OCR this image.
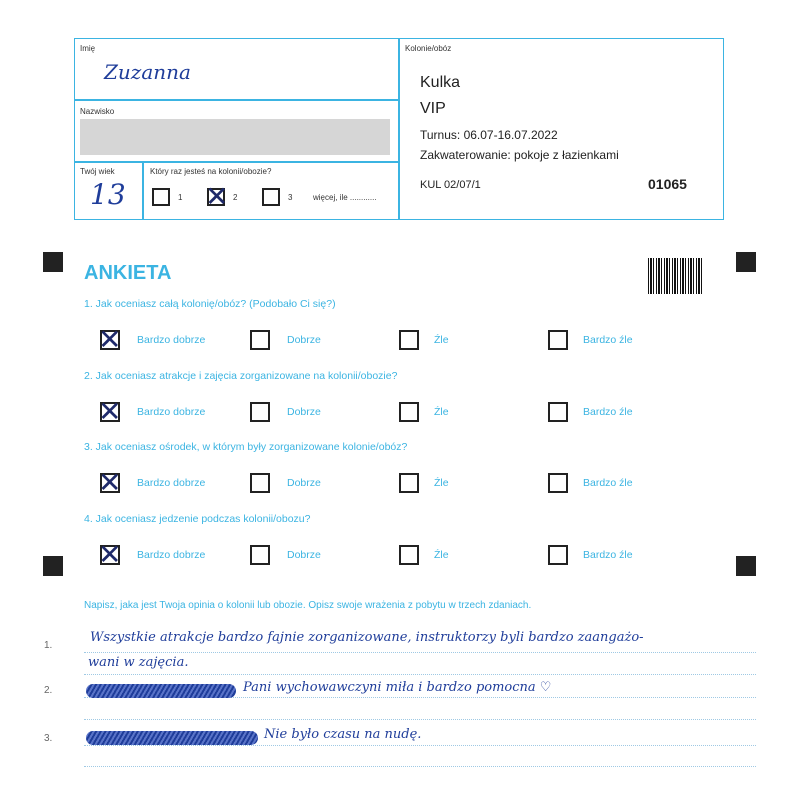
Imię
Zuzanna
Nazwisko
Twój wiek
13
Który raz jesteś na kolonii/obozie?
1 ✕ 2	3	więcej, ile ............
Kolonie/obóz
Kulka
VIP
Turnus: 06.07-16.07.2022
Zakwaterowanie: pokoje z łazienkami
KUL 02/07/1	01065
ANKIETA
1. Jak oceniasz całą kolonię/obóz? (Podobało Ci się?)
✕ Bardzo dobrze	Dobrze	Źle	Bardzo źle
2. Jak oceniasz atrakcje i zajęcia zorganizowane na kolonii/obozie?
✕ Bardzo dobrze	Dobrze	Źle	Bardzo źle
3. Jak oceniasz ośrodek, w którym były zorganizowane kolonie/obóz?
✕ Bardzo dobrze	Dobrze	Źle	Bardzo źle
4. Jak oceniasz jedzenie podczas kolonii/obozu?
✕ Bardzo dobrze	Dobrze	Źle	Bardzo źle
Napisz, jaka jest Twoja opinia o kolonii lub obozie. Opisz swoje wrażenia z pobytu w trzech zdaniach.
1.
2.
3.
Wszystkie atrakcje bardzo fajnie zorganizowane, instruktorzy byli bardzo zaangażo-
wani w zajęcia.
Pani wychowawczyni miła i bardzo pomocna ♡
Nie było czasu na nudę.
